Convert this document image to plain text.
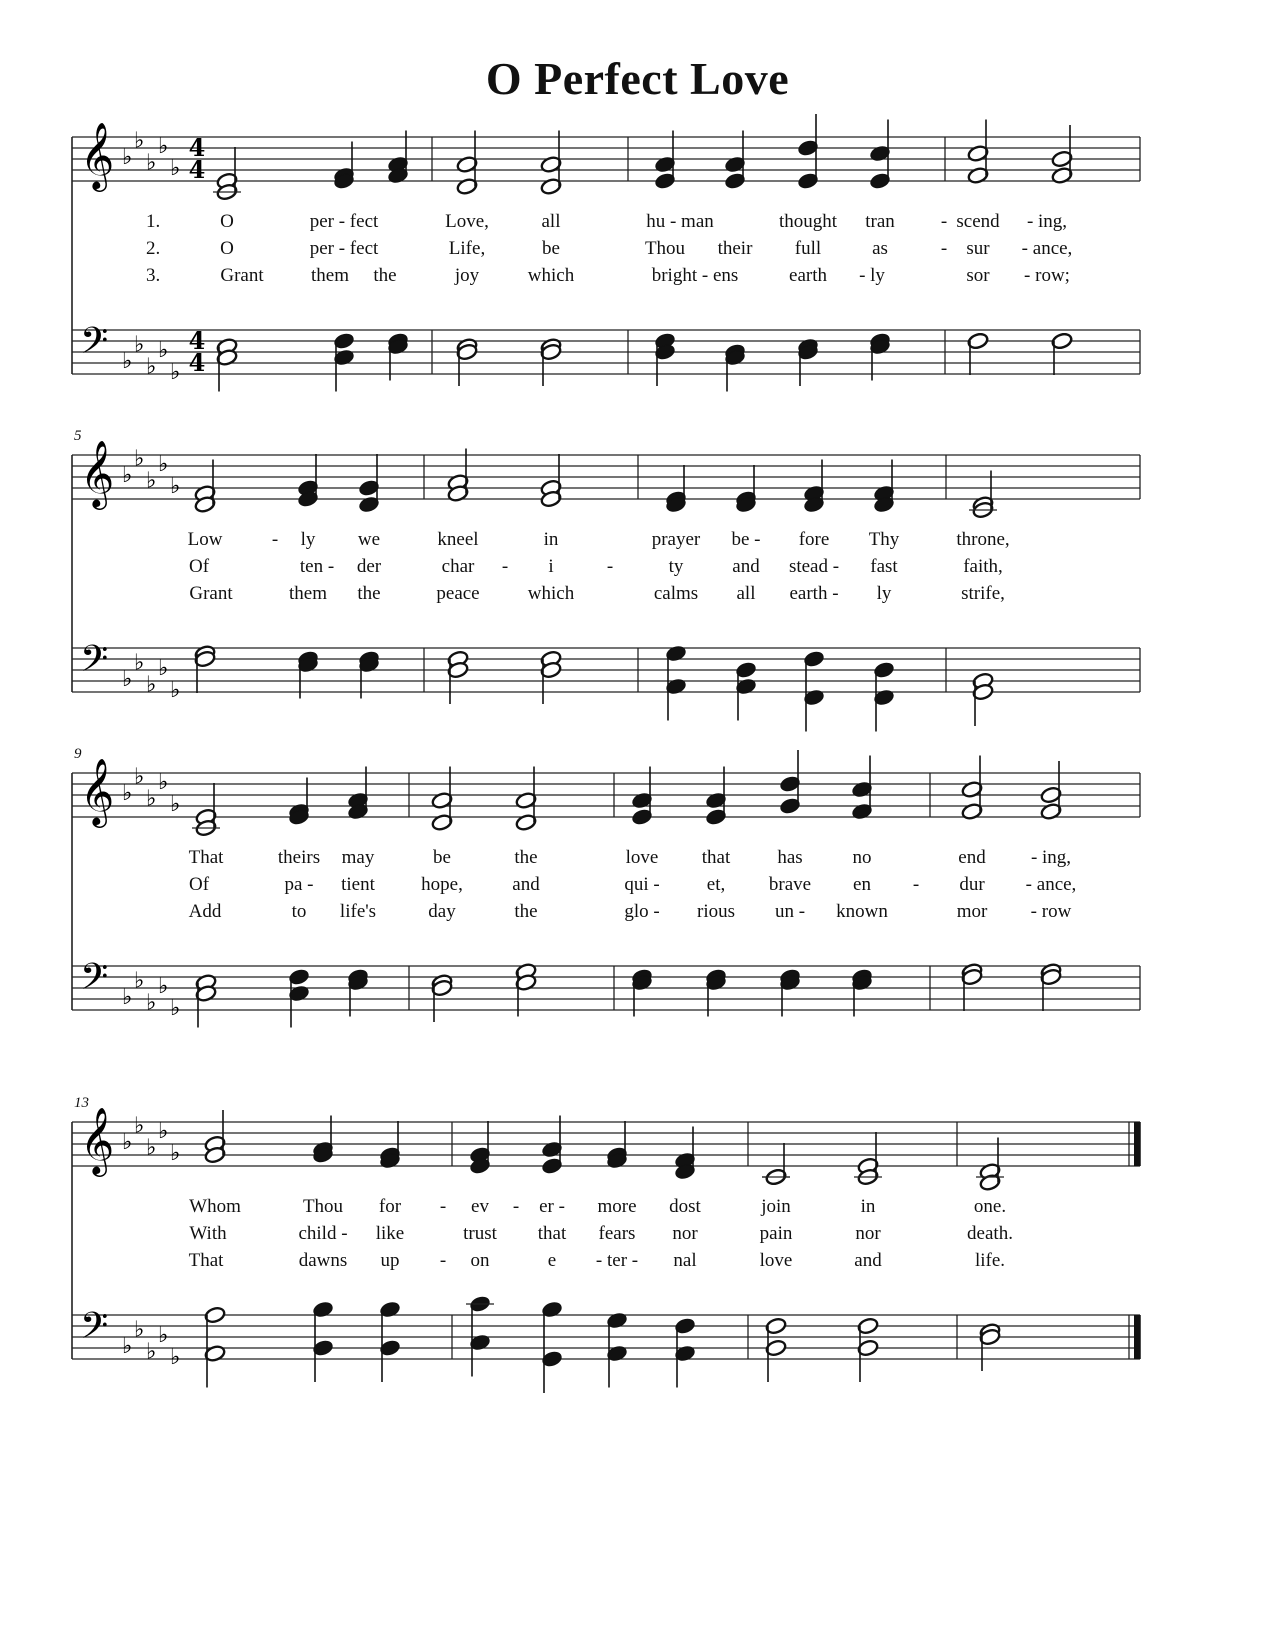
O Perfect Love
𝄞
𝄢
♭
♭
♭
♭
♭
♭
♭
♭
♭
♭
4
4
4
4
1.
2.
3.
O	per - fect	Love,	all	hu - man	thought tran - scend - ing,
O	per - fect	Life,	be	Thou their full	as	- sur - ance,
Grant them the	joy	which	bright - ens	earth - ly	sor - row;
𝄞
𝄢
♭
♭
♭
♭
♭
♭
♭
♭
♭
♭
5
Low	- ly we	kneel	in	prayer be - fore Thy	throne,
Of	ten - der	char - i	-	ty	and stead - fast	faith,
Grant	them the	peace	which	calms all earth - ly	strife,
𝄞
𝄢
♭
♭
♭
♭
♭
♭
♭
♭
♭
♭
9
That	theirs may	be	the	love that has	no	end - ing,
Of	pa - tient hope,	and	qui - et, brave en - dur - ance,
Add	to life's	day	the	glo - rious un - known	mor - row
𝄞
𝄢
♭
♭
♭
♭
♭
♭
♭
♭
♭
♭
13
Whom	Thou for - ev - er - more dost	join	in	one.
With	child - like	trust that fears nor	pain	nor	death.
That	dawns up - on	e - ter - nal	love	and	life.
